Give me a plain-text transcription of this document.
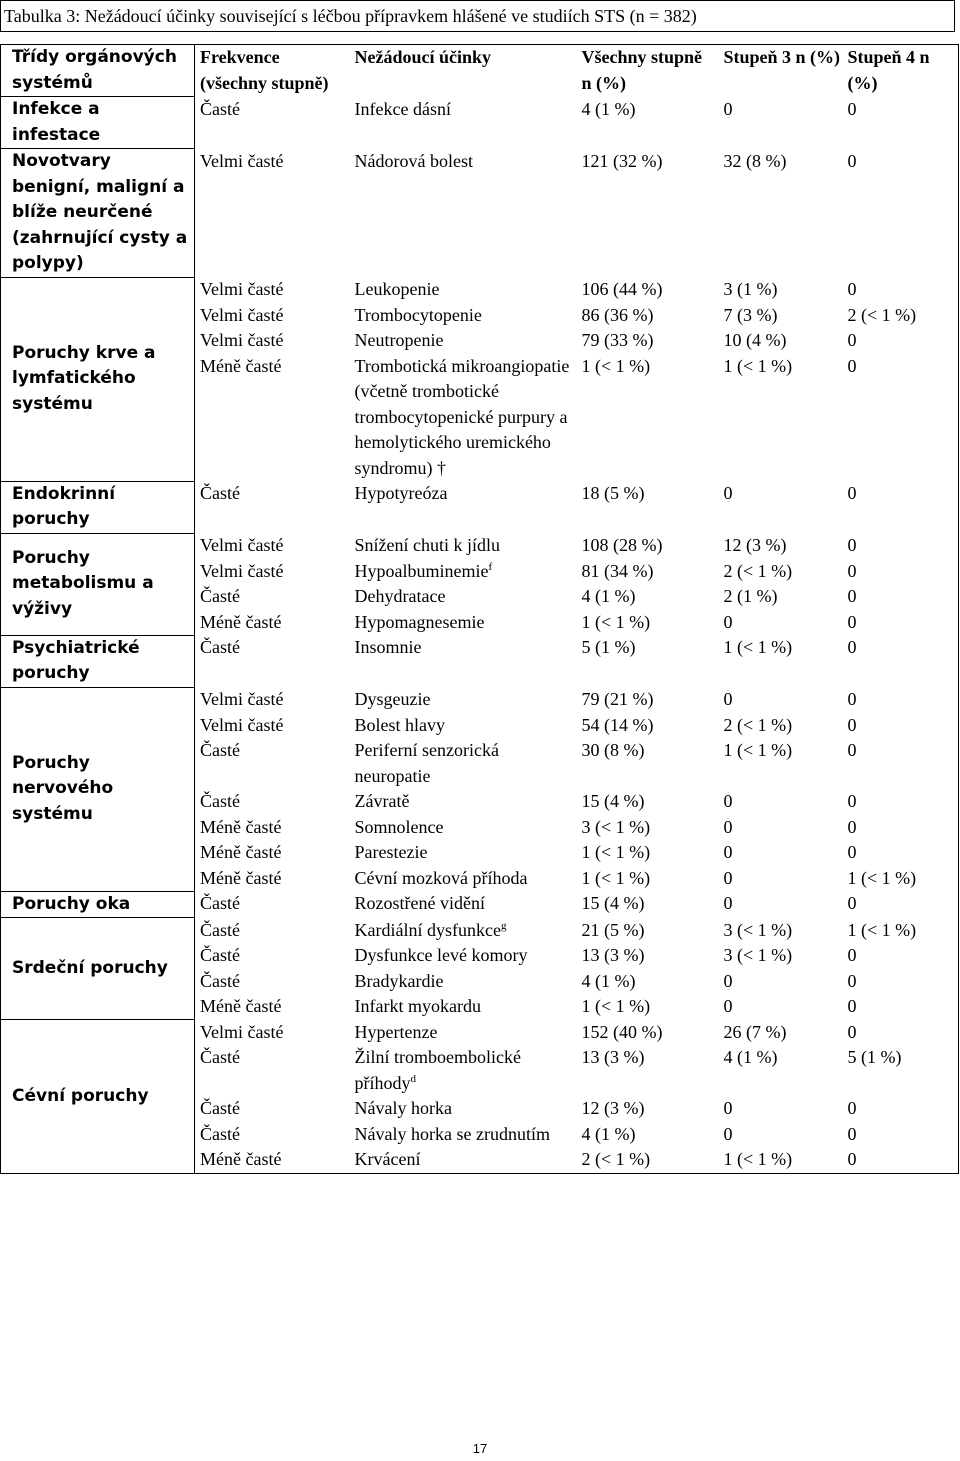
Tabulka 3: Nežádoucí účinky související s léčbou přípravkem hlášené ve studiích STS (n = 382)
Třídy orgánových systémů	Frekvence (všechny stupně)	Nežádoucí účinky	Všechny stupně n (%)	Stupeň 3 n (%)	Stupeň 4 n (%)
Infekce a infestace	Časté	Infekce dásní	4 (1 %)	0	0
Novotvary benigní, maligní a blíže neurčené (zahrnující cysty a polypy)	Velmi časté	Nádorová bolest	121 (32 %)	32 (8 %)	0
Poruchy krve a lymfatického systému	Velmi časté	Leukopenie	106 (44 %)	3 (1 %)	0
	Velmi časté	Trombocytopenie	86 (36 %)	7 (3 %)	2 (< 1 %)
	Velmi časté	Neutropenie	79 (33 %)	10 (4 %)	0
	Méně časté	Trombotická mikroangiopatie (včetně trombotické trombocytopenické purpury a hemolytického uremického syndromu) †	1 (< 1 %)	1 (< 1 %)	0
Endokrinní poruchy	Časté	Hypotyreóza	18 (5 %)	0	0
Poruchy metabolismu a výživy	Velmi časté	Snížení chuti k jídlu	108 (28 %)	12 (3 %)	0
	Velmi časté	Hypoalbuminemie$^f$	81 (34 %)	2 (< 1 %)	0
	Časté	Dehydratace	4 (1 %)	2 (1 %)	0
	Méně časté	Hypomagnesemie	1 (< 1 %)	0	0
Psychiatrické poruchy	Časté	Insomnie	5 (1 %)	1 (< 1 %)	0
Poruchy nervového systému	Velmi časté	Dysgeuzie	79 (21 %)	0	0
	Velmi časté	Bolest hlavy	54 (14 %)	2 (< 1 %)	0
	Časté	Periferní senzorická neuropatie	30 (8 %)	1 (< 1 %)	0
	Časté	Závratě	15 (4 %)	0	0
	Méně časté	Somnolence	3 (< 1 %)	0	0
	Méně časté	Parestezie	1 (< 1 %)	0	0
	Méně časté	Cévní mozková příhoda	1 (< 1 %)	0	1 (< 1 %)
Poruchy oka	Časté	Rozostřené vidění	15 (4 %)	0	0
Srdeční poruchy	Časté	Kardiální dysfunkce$^g$	21 (5 %)	3 (< 1 %)	1 (< 1 %)
	Časté	Dysfunkce levé komory	13 (3 %)	3 (< 1 %)	0
	Časté	Bradykardie	4 (1 %)	0	0
	Méně časté	Infarkt myokardu	1 (< 1 %)	0	0
Cévní poruchy	Velmi časté	Hypertenze	152 (40 %)	26 (7 %)	0
	Časté	Žilní tromboembolické příhody$^d$	13 (3 %)	4 (1 %)	5 (1 %)
	Časté	Návaly horka	12 (3 %)	0	0
	Časté	Návaly horka se zrudnutím	4 (1 %)	0	0
	Méně časté	Krvácení	2 (< 1 %)	1 (< 1 %)	0
17
